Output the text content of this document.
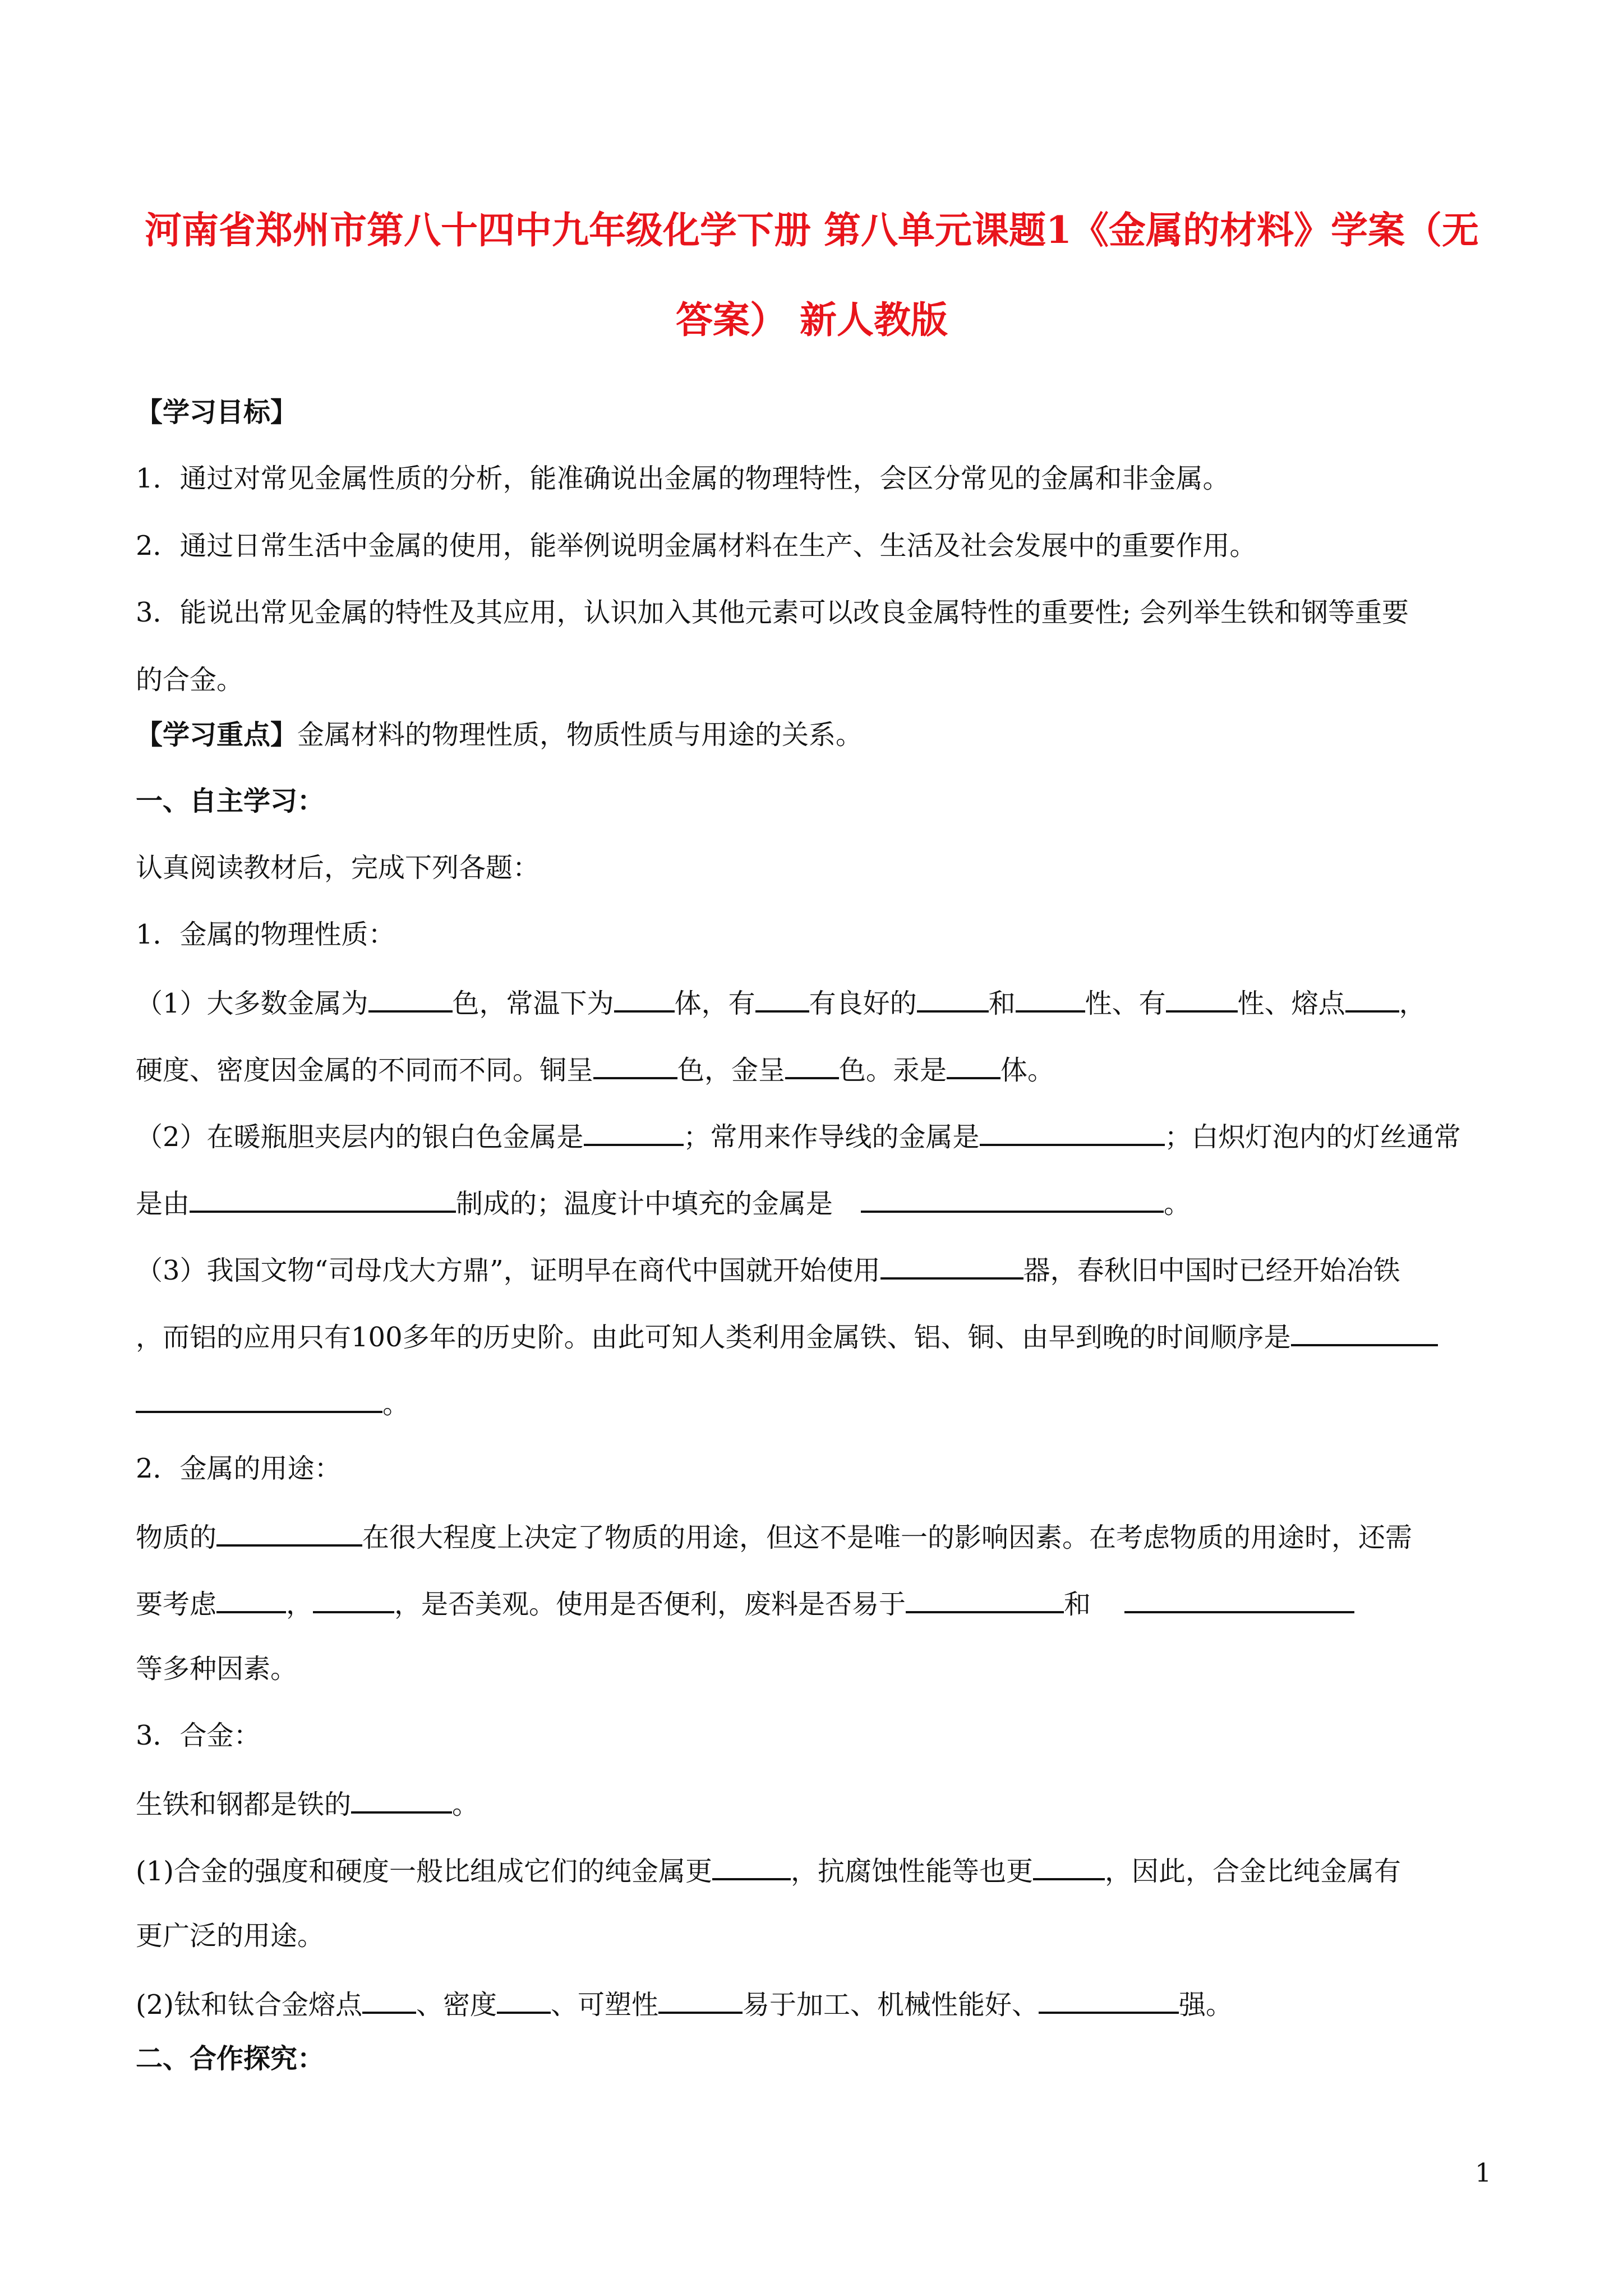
河南省郑州市第八十四中九年级化学下册 第八单元课题1《金属的材料》学案（无
答案） 新人教版
【学习目标】
1．通过对常见金属性质的分析，能准确说出金属的物理特性，会区分常见的金属和非金属。
2．通过日常生活中金属的使用，能举例说明金属材料在生产、生活及社会发展中的重要作用。
3．能说出常见金属的特性及其应用，认识加入其他元素可以改良金属特性的重要性; 会列举生铁和钢等重要
的合金。
【学习重点】金属材料的物理性质，物质性质与用途的关系。
一、自主学习：
认真阅读教材后，完成下列各题：
1．金属的物理性质：
（1）大多数金属为	色，常温下为 体，有 有良好的	和	性、有	性、熔点 ，
硬度、密度因金属的不同而不同。铜呈	色，金呈 色。汞是 体。
（2）在暖瓶胆夹层内的银白色金属是	；常用来作导线的金属是	；白炽灯泡内的灯丝通常
是由	制成的；温度计中填充的金属是	。
（3）我国文物“司母戊大方鼎”，证明早在商代中国就开始使用	器，春秋旧中国时已经开始冶铁
，而铝的应用只有100多年的历史阶。由此可知人类利用金属铁、铝、铜、由早到晚的时间顺序是
。
2．金属的用途：
物质的	在很大程度上决定了物质的用途，但这不是唯一的影响因素。在考虑物质的用途时，还需
要考虑	，	，是否美观。使用是否便利，废料是否易于	和
等多种因素。
3．合金：
生铁和钢都是铁的	。
(1)合金的强度和硬度一般比组成它们的纯金属更	，抗腐蚀性能等也更	，因此，合金比纯金属有
更广泛的用途。
(2)钛和钛合金熔点 、密度 、可塑性	易于加工、机械性能好、	强。
二、合作探究：
1
